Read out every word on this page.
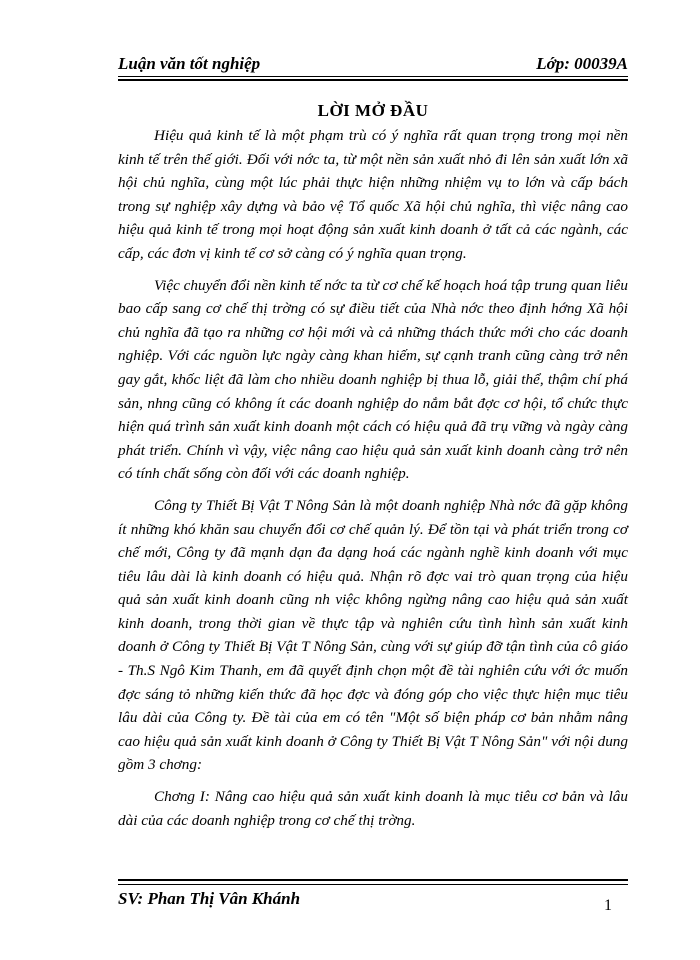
Luận văn tốt nghiệp	Lớp: 00039A
LỜI MỞ ĐẦU

Hiệu quả kinh tế là một phạm trù có ý nghĩa rất quan trọng trong mọi nền kinh tế trên thế giới. Đối với nớc ta, từ một nền sản xuất nhỏ đi lên sản xuất lớn xã hội chủ nghĩa, cùng một lúc phải thực hiện những nhiệm vụ to lớn và cấp bách trong sự nghiệp xây dựng và bảo vệ Tổ quốc Xã hội chủ nghĩa, thì việc nâng cao hiệu quả kinh tế trong mọi hoạt động sản xuất kinh doanh ở tất cả các ngành, các cấp, các đơn vị kinh tế cơ sở càng có ý nghĩa quan trọng.

Việc chuyển đổi nền kinh tế nớc ta từ cơ chế kế hoạch hoá tập trung quan liêu bao cấp sang cơ chế thị trờng có sự điều tiết của Nhà nớc theo định hớng Xã hội chủ nghĩa đã tạo ra những cơ hội mới và cả những thách thức mới cho các doanh nghiệp. Với các nguồn lực ngày càng khan hiếm, sự cạnh tranh cũng càng trở nên gay gắt, khốc liệt đã làm cho nhiều doanh nghiệp bị thua lỗ, giải thể, thậm chí phá sản, nhng cũng có không ít các doanh nghiệp do nắm bắt đợc cơ hội, tổ chức thực hiện quá trình sản xuất kinh doanh một cách có hiệu quả đã trụ vững và ngày càng phát triển. Chính vì vậy, việc nâng cao hiệu quả sản xuất kinh doanh càng trở nên có tính chất sống còn đối với các doanh nghiệp.

Công ty Thiết Bị Vật T Nông Sản là một doanh nghiệp Nhà nớc đã gặp không ít những khó khăn sau chuyển đổi cơ chế quản lý. Để tồn tại và phát triển trong cơ chế mới, Công ty đã mạnh dạn đa dạng hoá các ngành nghề kinh doanh với mục tiêu lâu dài là kinh doanh có hiệu quả. Nhận rõ đợc vai trò quan trọng của hiệu quả sản xuất kinh doanh cũng nh việc không ngừng nâng cao hiệu quả sản xuất kinh doanh, trong thời gian về thực tập và nghiên cứu tình hình sản xuất kinh doanh ở Công ty Thiết Bị Vật T Nông Sản, cùng với sự giúp đỡ tận tình của cô giáo - Th.S Ngô Kim Thanh, em đã quyết định chọn một đề tài nghiên cứu với ớc muốn đợc sáng tỏ những kiến thức đã học đợc và đóng góp cho việc thực hiện mục tiêu lâu dài của Công ty. Đề tài của em có tên "Một số biện pháp cơ bản nhằm nâng cao hiệu quả sản xuất kinh doanh ở Công ty Thiết Bị Vật T Nông Sản" với nội dung gồm 3 chơng:

Chơng I: Nâng cao hiệu quả sản xuất kinh doanh là mục tiêu cơ bản và lâu dài của các doanh nghiệp trong cơ chế thị trờng.

SV: Phan Thị Vân Khánh	1
